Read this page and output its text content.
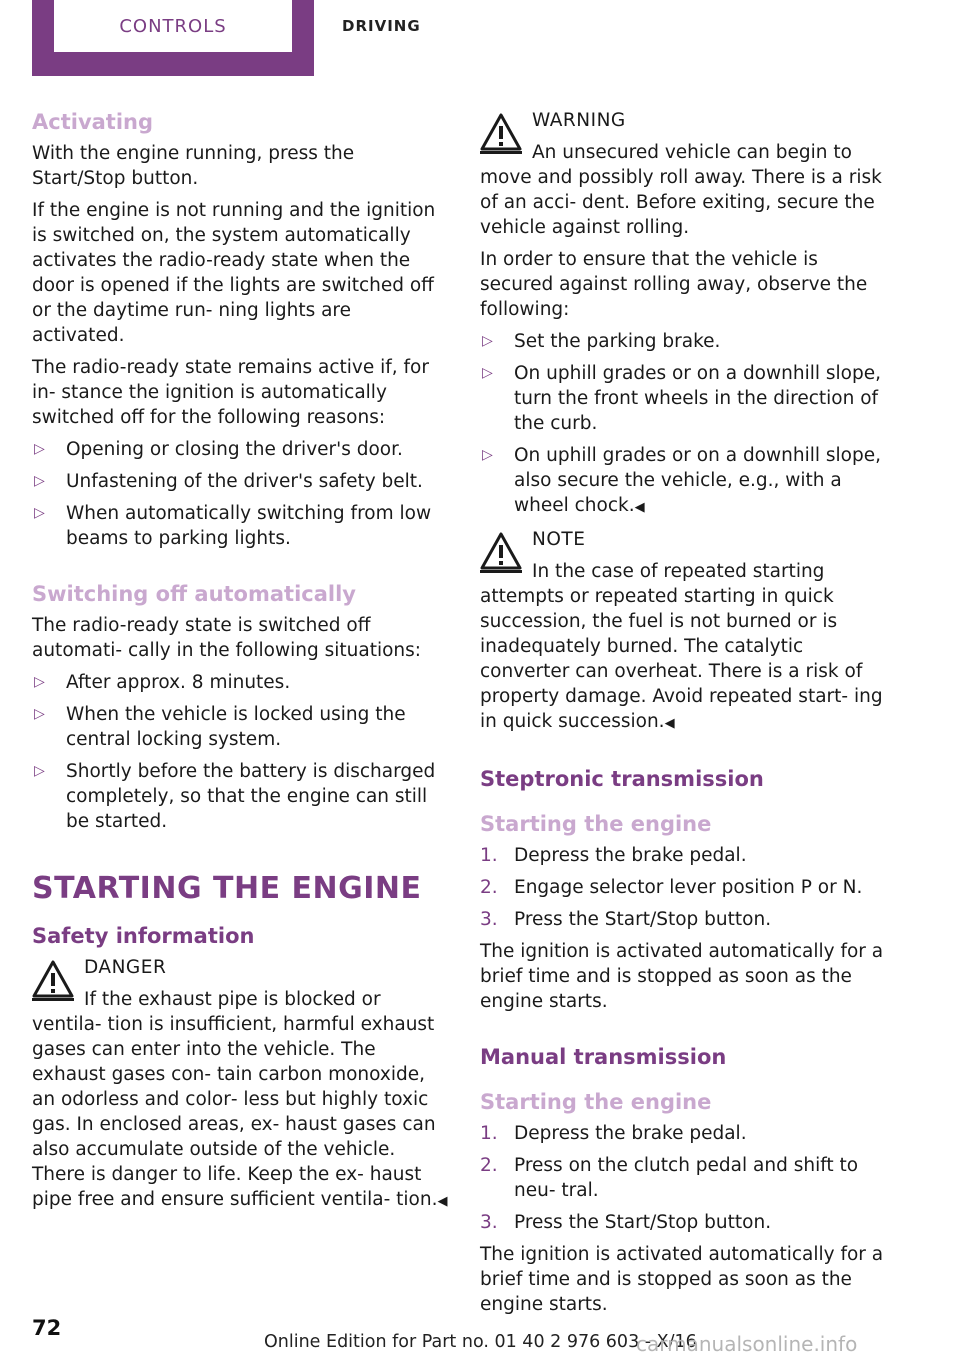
CONTROLS	DRIVING
Activating

With the engine running, press the Start/Stop button.

If the engine is not running and the ignition is switched on, the system automatically activates the radio-ready state when the door is opened if the lights are switched off or the daytime run‐ ning lights are activated.

The radio-ready state remains active if, for in‐ stance the ignition is automatically switched off for the following reasons:

▷ Opening or closing the driver's door.
▷ Unfastening of the driver's safety belt.
▷ When automatically switching from low beams to parking lights.
Switching off automatically

The radio-ready state is switched off automati‐ cally in the following situations:

▷ After approx. 8 minutes.
▷ When the vehicle is locked using the central locking system.
▷ Shortly before the battery is discharged completely, so that the engine can still be started.
STARTING THE ENGINE
Safety information
DANGER
If the exhaust pipe is blocked or ventila‐ tion is insufficient, harmful exhaust gases can enter into the vehicle. The exhaust gases con‐ tain carbon monoxide, an odorless and color‐ less but highly toxic gas. In enclosed areas, ex‐ haust gases can also accumulate outside of the vehicle. There is danger to life. Keep the ex‐ haust pipe free and ensure sufficient ventila‐ tion.◀
WARNING
An unsecured vehicle can begin to move and possibly roll away. There is a risk of an acci‐ dent. Before exiting, secure the vehicle against rolling.

In order to ensure that the vehicle is secured against rolling away, observe the following:

▷ Set the parking brake.
▷ On uphill grades or on a downhill slope, turn the front wheels in the direction of the curb.
▷ On uphill grades or on a downhill slope, also secure the vehicle, e.g., with a wheel chock.◀
NOTE
In the case of repeated starting attempts or repeated starting in quick succession, the fuel is not burned or is inadequately burned. The catalytic converter can overheat. There is a risk of property damage. Avoid repeated start‐ ing in quick succession.◀
Steptronic transmission
Starting the engine
1. Depress the brake pedal.
2. Engage selector lever position P or N.
3. Press the Start/Stop button.

The ignition is activated automatically for a brief time and is stopped as soon as the engine starts.

Manual transmission
Starting the engine
1. Depress the brake pedal.
2. Press on the clutch pedal and shift to neu‐ tral.
3. Press the Start/Stop button.

The ignition is activated automatically for a brief time and is stopped as soon as the engine starts.

72
Online Edition for Part no. 01 40 2 976 603 - X/16
carmanualsonline.info
